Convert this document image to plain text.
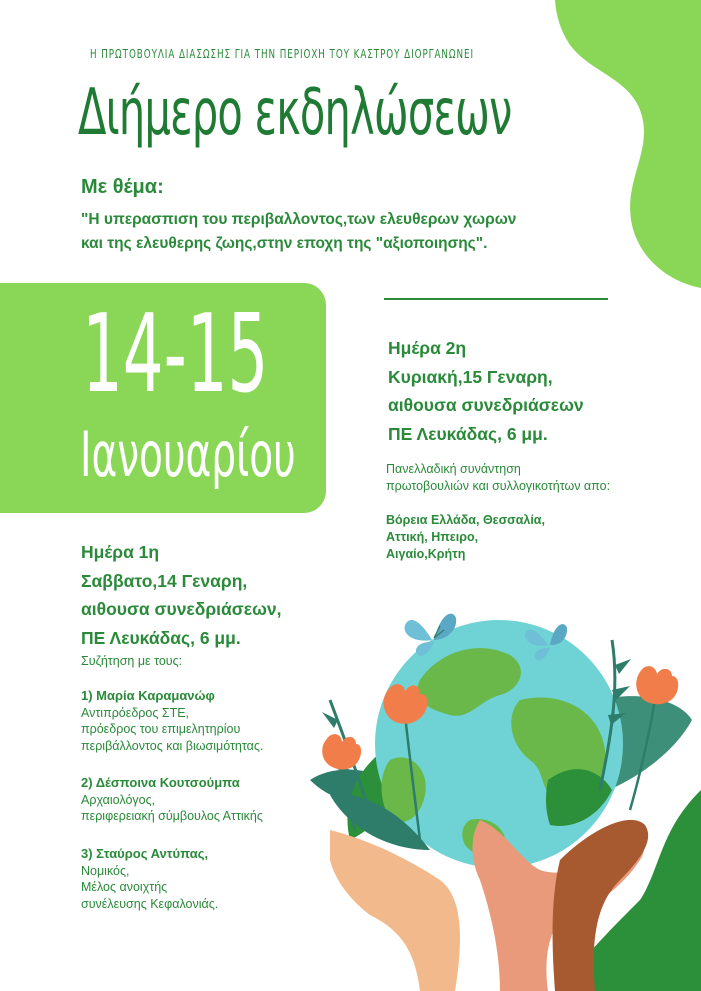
Η ΠΡΩΤΟΒΟΥΛΙΑ ΔΙΑΣΩΣΗΣ ΓΙΑ ΤΗΝ ΠΕΡΙΟΧΗ ΤΟΥ ΚΑΣΤΡΟΥ ΔΙΟΡΓΑΝΩΝΕΙ
Διήμερο εκδηλώσεων
Με θέμα:
"Η υπερασπιση του περιβαλλοντος,των ελευθερων χωρων
και της ελευθερης ζωης,στην εποχη της "αξιοποιησης".
14-15
Ιανουαρίου
Ημέρα 2η
Κυριακή,15 Γεναρη,
αιθουσα συνεδριάσεων
ΠΕ Λευκάδας, 6 μμ.
Πανελλαδική συνάντηση
πρωτοβουλιών και συλλογικοτήτων απο:
Βόρεια Ελλάδα, Θεσσαλία,
Αττική, Ηπειρο,
Αιγαίο,Κρήτη
Ημέρα 1η
Σαββατο,14 Γεναρη,
αιθουσα συνεδριάσεων,
ΠΕ Λευκάδας, 6 μμ.
Συζήτηση με τους:
1) Μαρία Καραμανώφ
Αντιπρόεδρος ΣΤΕ,
πρόεδρος του επιμελητηρίου
περιβάλλοντος και βιωσιμότητας.
2) Δέσποινα Κουτσούμπα
Αρχαιολόγος,
περιφερειακή σύμβουλος Αττικής
3) Σταύρος Αντύπας,
Νομικός,
Μέλος ανοιχτής
συνέλευσης Κεφαλονιάς.
